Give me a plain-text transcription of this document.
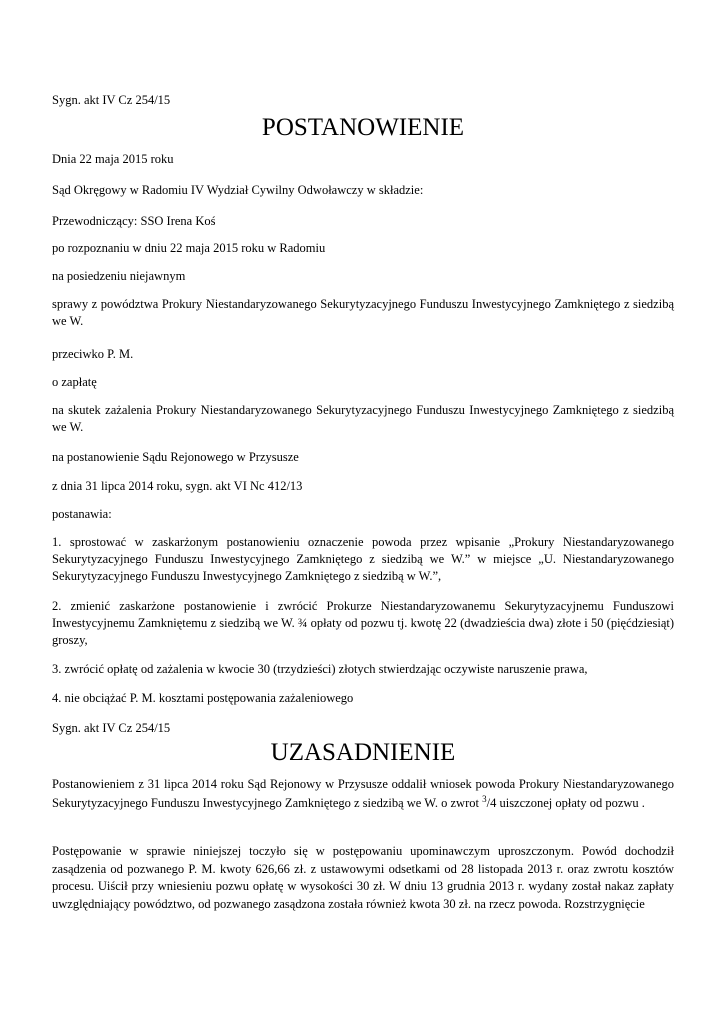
Sygn. akt IV Cz 254/15

POSTANOWIENIE

Dnia 22 maja 2015 roku

Sąd Okręgowy w Radomiu IV Wydział Cywilny Odwoławczy w składzie:

Przewodniczący: SSO Irena Koś

po rozpoznaniu w dniu 22 maja 2015 roku w Radomiu

na posiedzeniu niejawnym

sprawy z powództwa Prokury Niestandaryzowanego Sekurytyzacyjnego Funduszu Inwestycyjnego Zamkniętego z siedzibą we W.

przeciwko P. M.

o zapłatę

na skutek zażalenia Prokury Niestandaryzowanego Sekurytyzacyjnego Funduszu Inwestycyjnego Zamkniętego z siedzibą we W.

na postanowienie Sądu Rejonowego w Przysusze

z dnia 31 lipca 2014 roku, sygn. akt VI Nc 412/13

postanawia:

1. sprostować w zaskarżonym postanowieniu oznaczenie powoda przez wpisanie „Prokury Niestandaryzowanego Sekurytyzacyjnego Funduszu Inwestycyjnego Zamkniętego z siedzibą we W.” w miejsce „U. Niestandaryzowanego Sekurytyzacyjnego Funduszu Inwestycyjnego Zamkniętego z siedzibą w W.”,

2. zmienić zaskarżone postanowienie i zwrócić Prokurze Niestandaryzowanemu Sekurytyzacyjnemu Funduszowi Inwestycyjnemu Zamkniętemu z siedzibą we W. ¾ opłaty od pozwu tj. kwotę 22 (dwadzieścia dwa) złote i 50 (pięćdziesiąt) groszy,

3. zwrócić opłatę od zażalenia w kwocie 30 (trzydzieści) złotych stwierdzając oczywiste naruszenie prawa,

4. nie obciążać P. M. kosztami postępowania zażaleniowego

Sygn. akt IV Cz 254/15

UZASADNIENIE

Postanowieniem z 31 lipca 2014 roku Sąd Rejonowy w Przysusze oddalił wniosek powoda Prokury Niestandaryzowanego Sekurytyzacyjnego Funduszu Inwestycyjnego Zamkniętego z siedzibą we W. o zwrot $^3$/4 uiszczonej opłaty od pozwu .

Postępowanie w sprawie niniejszej toczyło się w postępowaniu upominawczym uproszczonym. Powód dochodził zasądzenia od pozwanego P. M. kwoty 626,66 zł. z ustawowymi odsetkami od 28 listopada 2013 r. oraz zwrotu kosztów procesu. Uiścił przy wniesieniu pozwu opłatę w wysokości 30 zł. W dniu 13 grudnia 2013 r. wydany został nakaz zapłaty uwzględniający powództwo, od pozwanego zasądzona została również kwota 30 zł. na rzecz powoda. Rozstrzygnięcie
